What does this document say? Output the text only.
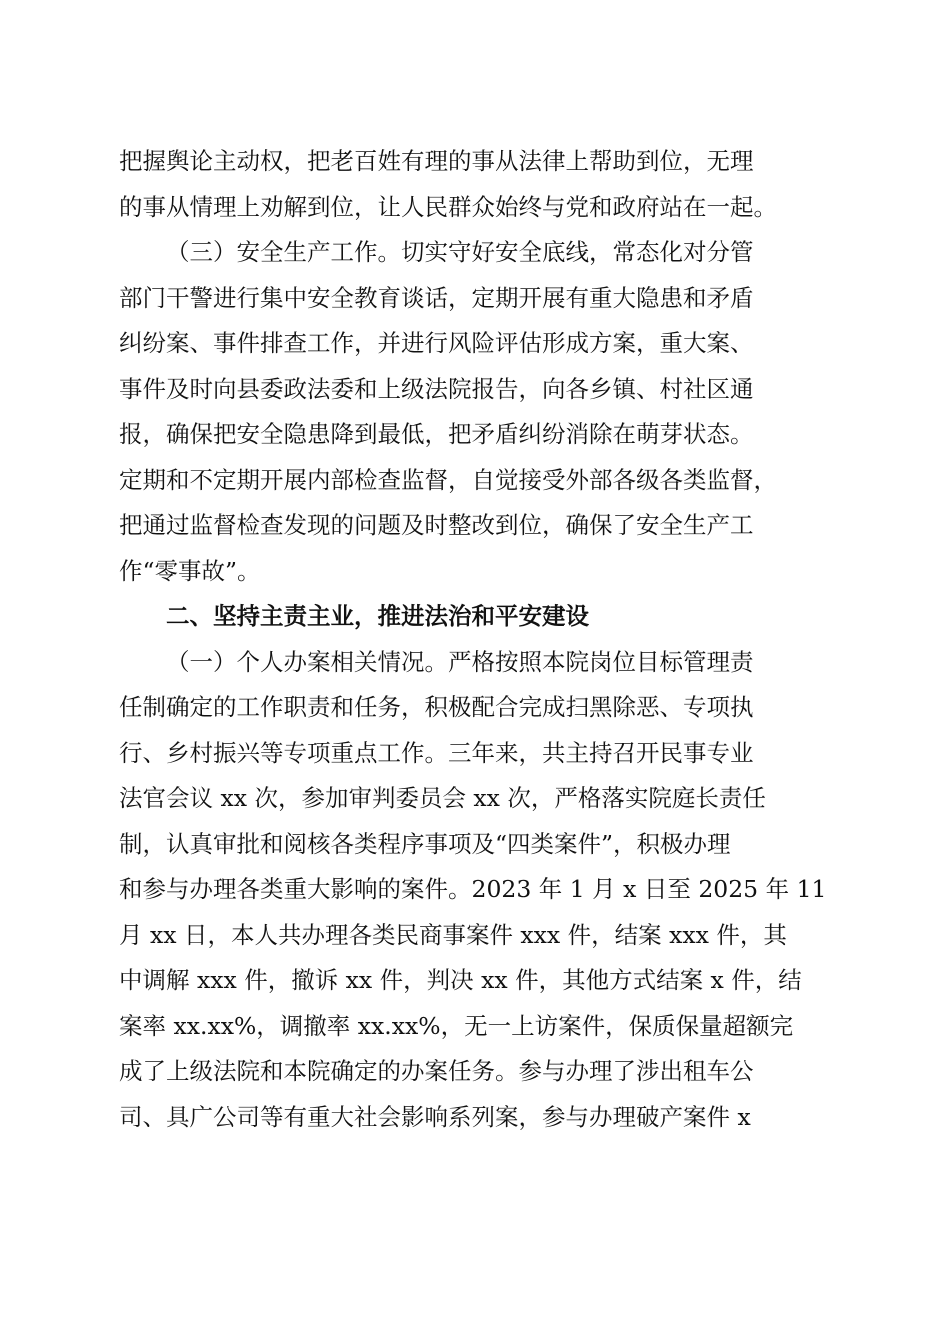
把握舆论主动权，把老百姓有理的事从法律上帮助到位，无理
的事从情理上劝解到位，让人民群众始终与党和政府站在一起。
（三）安全生产工作。切实守好安全底线，常态化对分管
部门干警进行集中安全教育谈话，定期开展有重大隐患和矛盾
纠纷案、事件排查工作，并进行风险评估形成方案，重大案、
事件及时向县委政法委和上级法院报告，向各乡镇、村社区通
报，确保把安全隐患降到最低，把矛盾纠纷消除在萌芽状态。
定期和不定期开展内部检查监督，自觉接受外部各级各类监督，
把通过监督检查发现的问题及时整改到位，确保了安全生产工
作“零事故”。
二、坚持主责主业，推进法治和平安建设
（一）个人办案相关情况。严格按照本院岗位目标管理责
任制确定的工作职责和任务，积极配合完成扫黑除恶、专项执
行、乡村振兴等专项重点工作。三年来，共主持召开民事专业
法官会议 xx 次，参加审判委员会 xx 次，严格落实院庭长责任
制，认真审批和阅核各类程序事项及“四类案件”，积极办理
和参与办理各类重大影响的案件。2023 年 1 月 x 日至 2025 年 11
月 xx 日，本人共办理各类民商事案件 xxx 件，结案 xxx 件，其
中调解 xxx 件，撤诉 xx 件，判决 xx 件，其他方式结案 x 件，结
案率 xx.xx%，调撤率 xx.xx%，无一上访案件，保质保量超额完
成了上级法院和本院确定的办案任务。参与办理了涉出租车公
司、具广公司等有重大社会影响系列案，参与办理破产案件 x
